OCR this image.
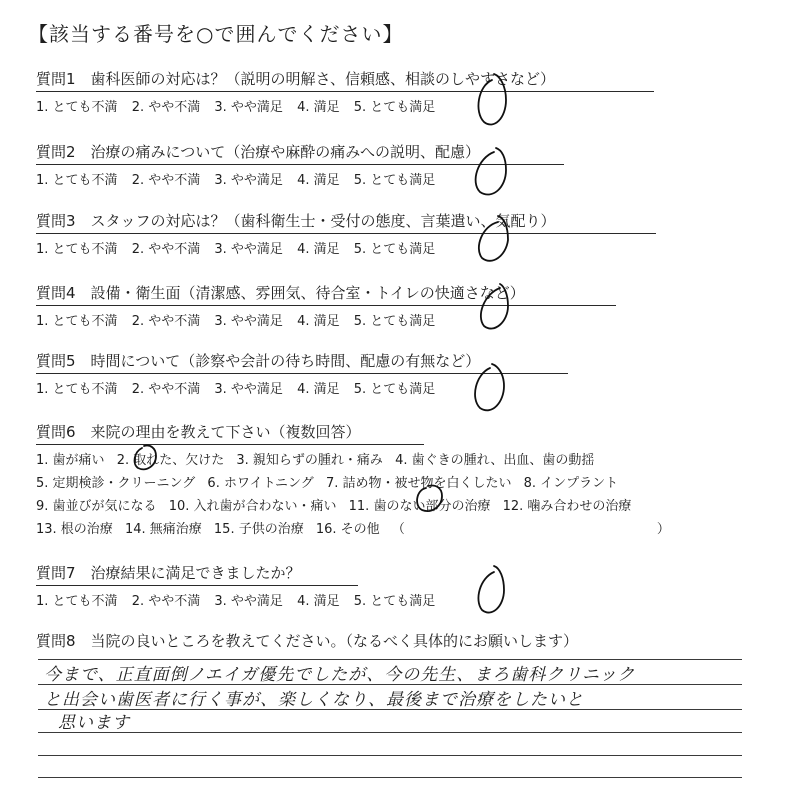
【該当する番号を○で囲んでください】
質問1　歯科医師の対応は？（説明の明解さ、信頼感、相談のしやすさなど）
1. とても不満 2. やや不満 3. やや満足 4. 満足 5. とても満足
質問2　治療の痛みについて（治療や麻酔の痛みへの説明、配慮）
1. とても不満 2. やや不満 3. やや満足 4. 満足 5. とても満足
質問3　スタッフの対応は？（歯科衛生士・受付の態度、言葉遣い、気配り）
1. とても不満 2. やや不満 3. やや満足 4. 満足 5. とても満足
質問4　設備・衛生面（清潔感、雰囲気、待合室・トイレの快適さなど）
1. とても不満 2. やや不満 3. やや満足 4. 満足 5. とても満足
質問5　時間について（診察や会計の待ち時間、配慮の有無など）
1. とても不満 2. やや不満 3. やや満足 4. 満足 5. とても満足
質問6　来院の理由を教えて下さい（複数回答）
1. 歯が痛い 2. 取れた、欠けた 3. 親知らずの腫れ・痛み 4. 歯ぐきの腫れ、出血、歯の動揺
5. 定期検診・クリーニング 6. ホワイトニング 7. 詰め物・被せ物を白くしたい 8. インプラント
9. 歯並びが気になる 10. 入れ歯が合わない・痛い 11. 歯のない部分の治療 12. 噛み合わせの治療
13. 根の治療 14. 無痛治療 15. 子供の治療 16. その他 （	）
質問7　治療結果に満足できましたか？
1. とても不満 2. やや不満 3. やや満足 4. 満足 5. とても満足
質問8　当院の良いところを教えてください。（なるべく具体的にお願いします）
今まで、正直面倒ノエイガ優先でしたが、今の先生、まろ歯科クリニック
と出会い歯医者に行く事が、楽しくなり、最後まで治療をしたいと
思います
